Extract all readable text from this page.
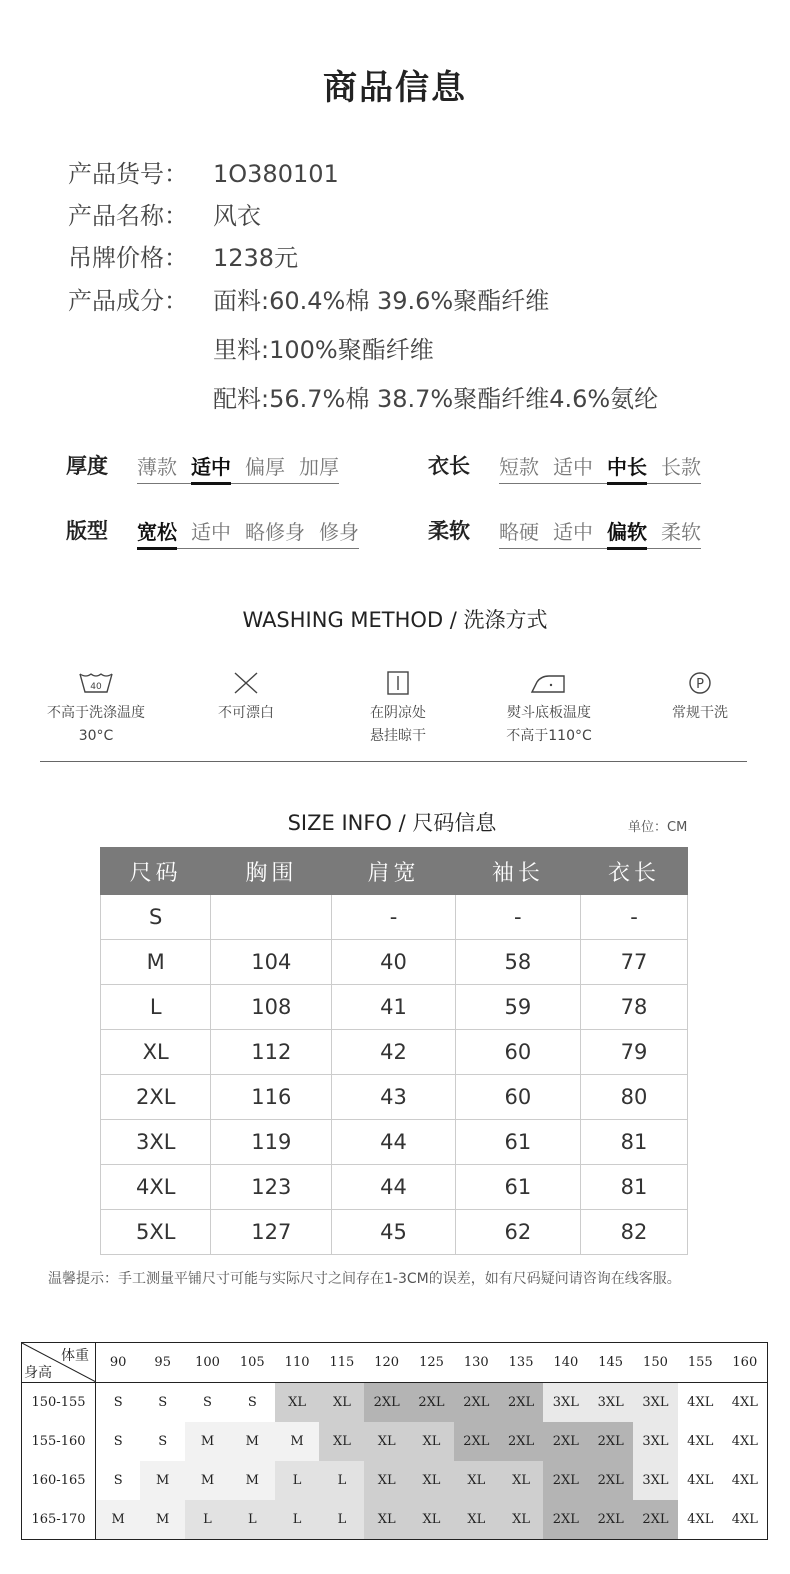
商品信息
产品货号： 1O380101
产品名称： 风衣
吊牌价格： 1238元
产品成分： 面料:60.4%棉 39.6%聚酯纤维
里料:100%聚酯纤维
配料:56.7%棉 38.7%聚酯纤维4.6%氨纶
厚度 薄款 适中 偏厚 加厚	衣长 短款 适中 中长 长款
版型 宽松 适中 略修身 修身	柔软 略硬 适中 偏软 柔软
WASHING METHOD / 洗涤方式
40
不高于洗涤温度
30°C
不可漂白	在阴凉处
悬挂晾干
熨斗底板温度
不高于110°C
P
常规干洗
SIZE INFO / 尺码信息	单位：CM
尺码	胸围	肩宽	袖长	衣长
S		-	-	-
M	104	40	58	77
L	108	41	59	78
XL	112	42	60	79
2XL	116	43	60	80
3XL	119	44	61	81
4XL	123	44	61	81
5XL	127	45	62	82
温馨提示：手工测量平铺尺寸可能与实际尺寸之间存在1-3CM的误差，如有尺码疑问请咨询在线客服。
体重
身高	90	95	100	105	110	115	120	125	130	135	140	145	150	155	160
150-155	S	S	S	S	XL	XL	2XL	2XL	2XL	2XL	3XL	3XL	3XL	4XL	4XL
155-160	S	S	M	M	M	XL	XL	XL	2XL	2XL	2XL	2XL	3XL	4XL	4XL
160-165	S	M	M	M	L	L	XL	XL	XL	XL	2XL	2XL	3XL	4XL	4XL
165-170	M	M	L	L	L	L	XL	XL	XL	XL	2XL	2XL	2XL	4XL	4XL
